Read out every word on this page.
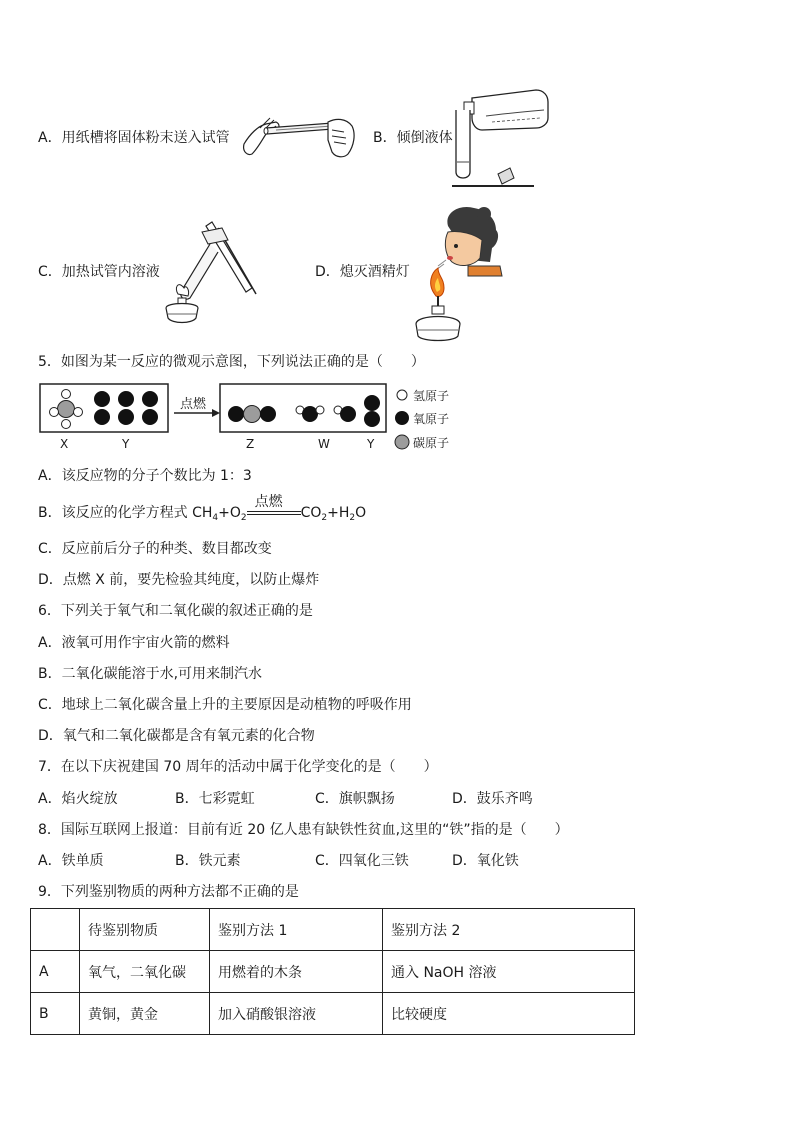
A．用纸槽将固体粉末送入试管	B．倾倒液体
C．加热试管内溶液	D．熄灭酒精灯
5．如图为某一反应的微观示意图，下列说法正确的是（　　）
点燃
X	Y	Z	W	Y
氢原子
氧原子
碳原子
A．该反应物的分子个数比为 1：3
B．该反应的化学方程式 $CH_4+O_2$
点燃
$CO_2+H_2O$
C．反应前后分子的种类、数目都改变
D．点燃 X 前，要先检验其纯度，以防止爆炸
6．下列关于氧气和二氧化碳的叙述正确的是
A．液氧可用作宇宙火箭的燃料
B．二氧化碳能溶于水,可用来制汽水
C．地球上二氧化碳含量上升的主要原因是动植物的呼吸作用
D．氧气和二氧化碳都是含有氧元素的化合物
7．在以下庆祝建国 70 周年的活动中属于化学变化的是（　　）
A．焰火绽放	B．七彩霓虹	C．旗帜飘扬	D．鼓乐齐鸣
8．国际互联网上报道：目前有近 20 亿人患有缺铁性贫血,这里的“铁”指的是（　　）
A．铁单质	B．铁元素	C．四氧化三铁	D．氧化铁
9．下列鉴别物质的两种方法都不正确的是
	待鉴别物质	鉴别方法 1	鉴别方法 2
A	氧气，二氧化碳	用燃着的木条	通入 NaOH 溶液
B	黄铜，黄金	加入硝酸银溶液	比较硬度
